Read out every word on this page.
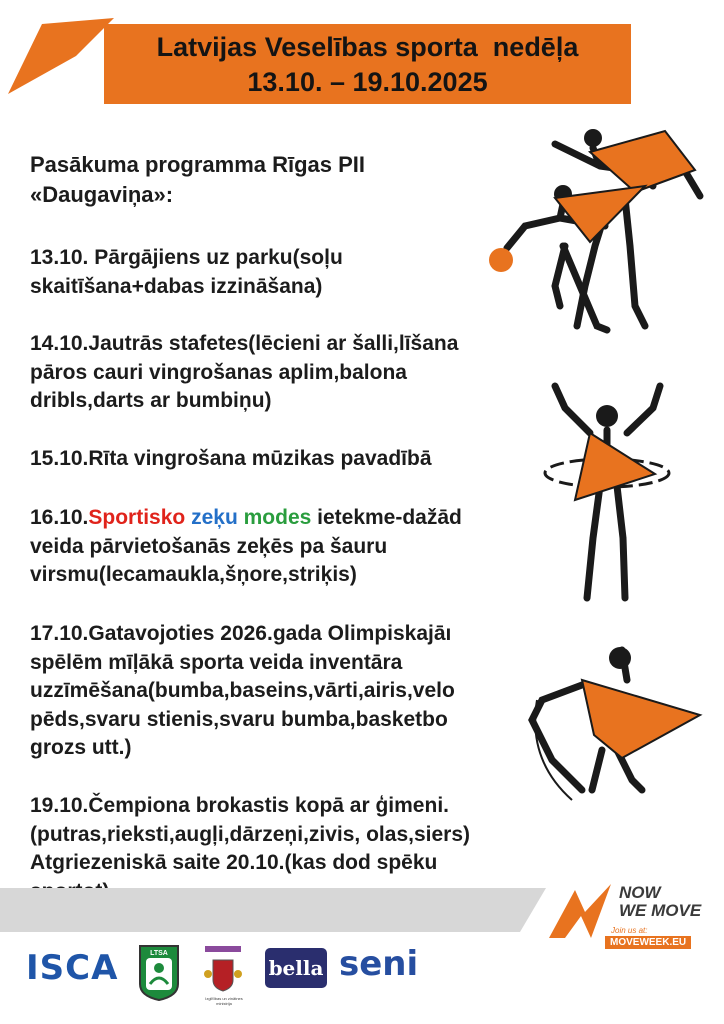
Latvijas Veselības sporta  nedēļa
13.10. – 19.10.2025
Pasākuma programma Rīgas PII
«Daugaviņa»:
13.10. Pārgājiens uz parku(soļu
skaitīšana+dabas izzināšana)
14.10.Jautrās stafetes(lēcieni ar šalli,līšana
pāros cauri vingrošanas aplim,balona
dribls,darts ar bumbiņu)
15.10.Rīta vingrošana mūzikas pavadībā
16.10.Sportisko zeķu modes ietekme-dažād
veida pārvietošanās zeķēs pa šauru
virsmu(lecamaukla,šņore,striķis)
17.10.Gatavojoties 2026.gada Olimpiskajāı
spēlēm mīļākā sporta veida inventāra
uzzīmēšana(bumba,baseins,vārti,airis,velo
pēds,svaru stienis,svaru bumba,basketbo
grozs utt.)
19.10.Čempiona brokastis kopā ar ģimeni.
(putras,rieksti,augļi,dārzeņi,zivis, olas,siers)
Atgriezeniskā saite 20.10.(kas dod spēku

NOW
WE MOVE
Join us at:
MOVEWEEK.EU
ISCA	LTSA
Izglītības un zinātnes ministrija
bella seni
